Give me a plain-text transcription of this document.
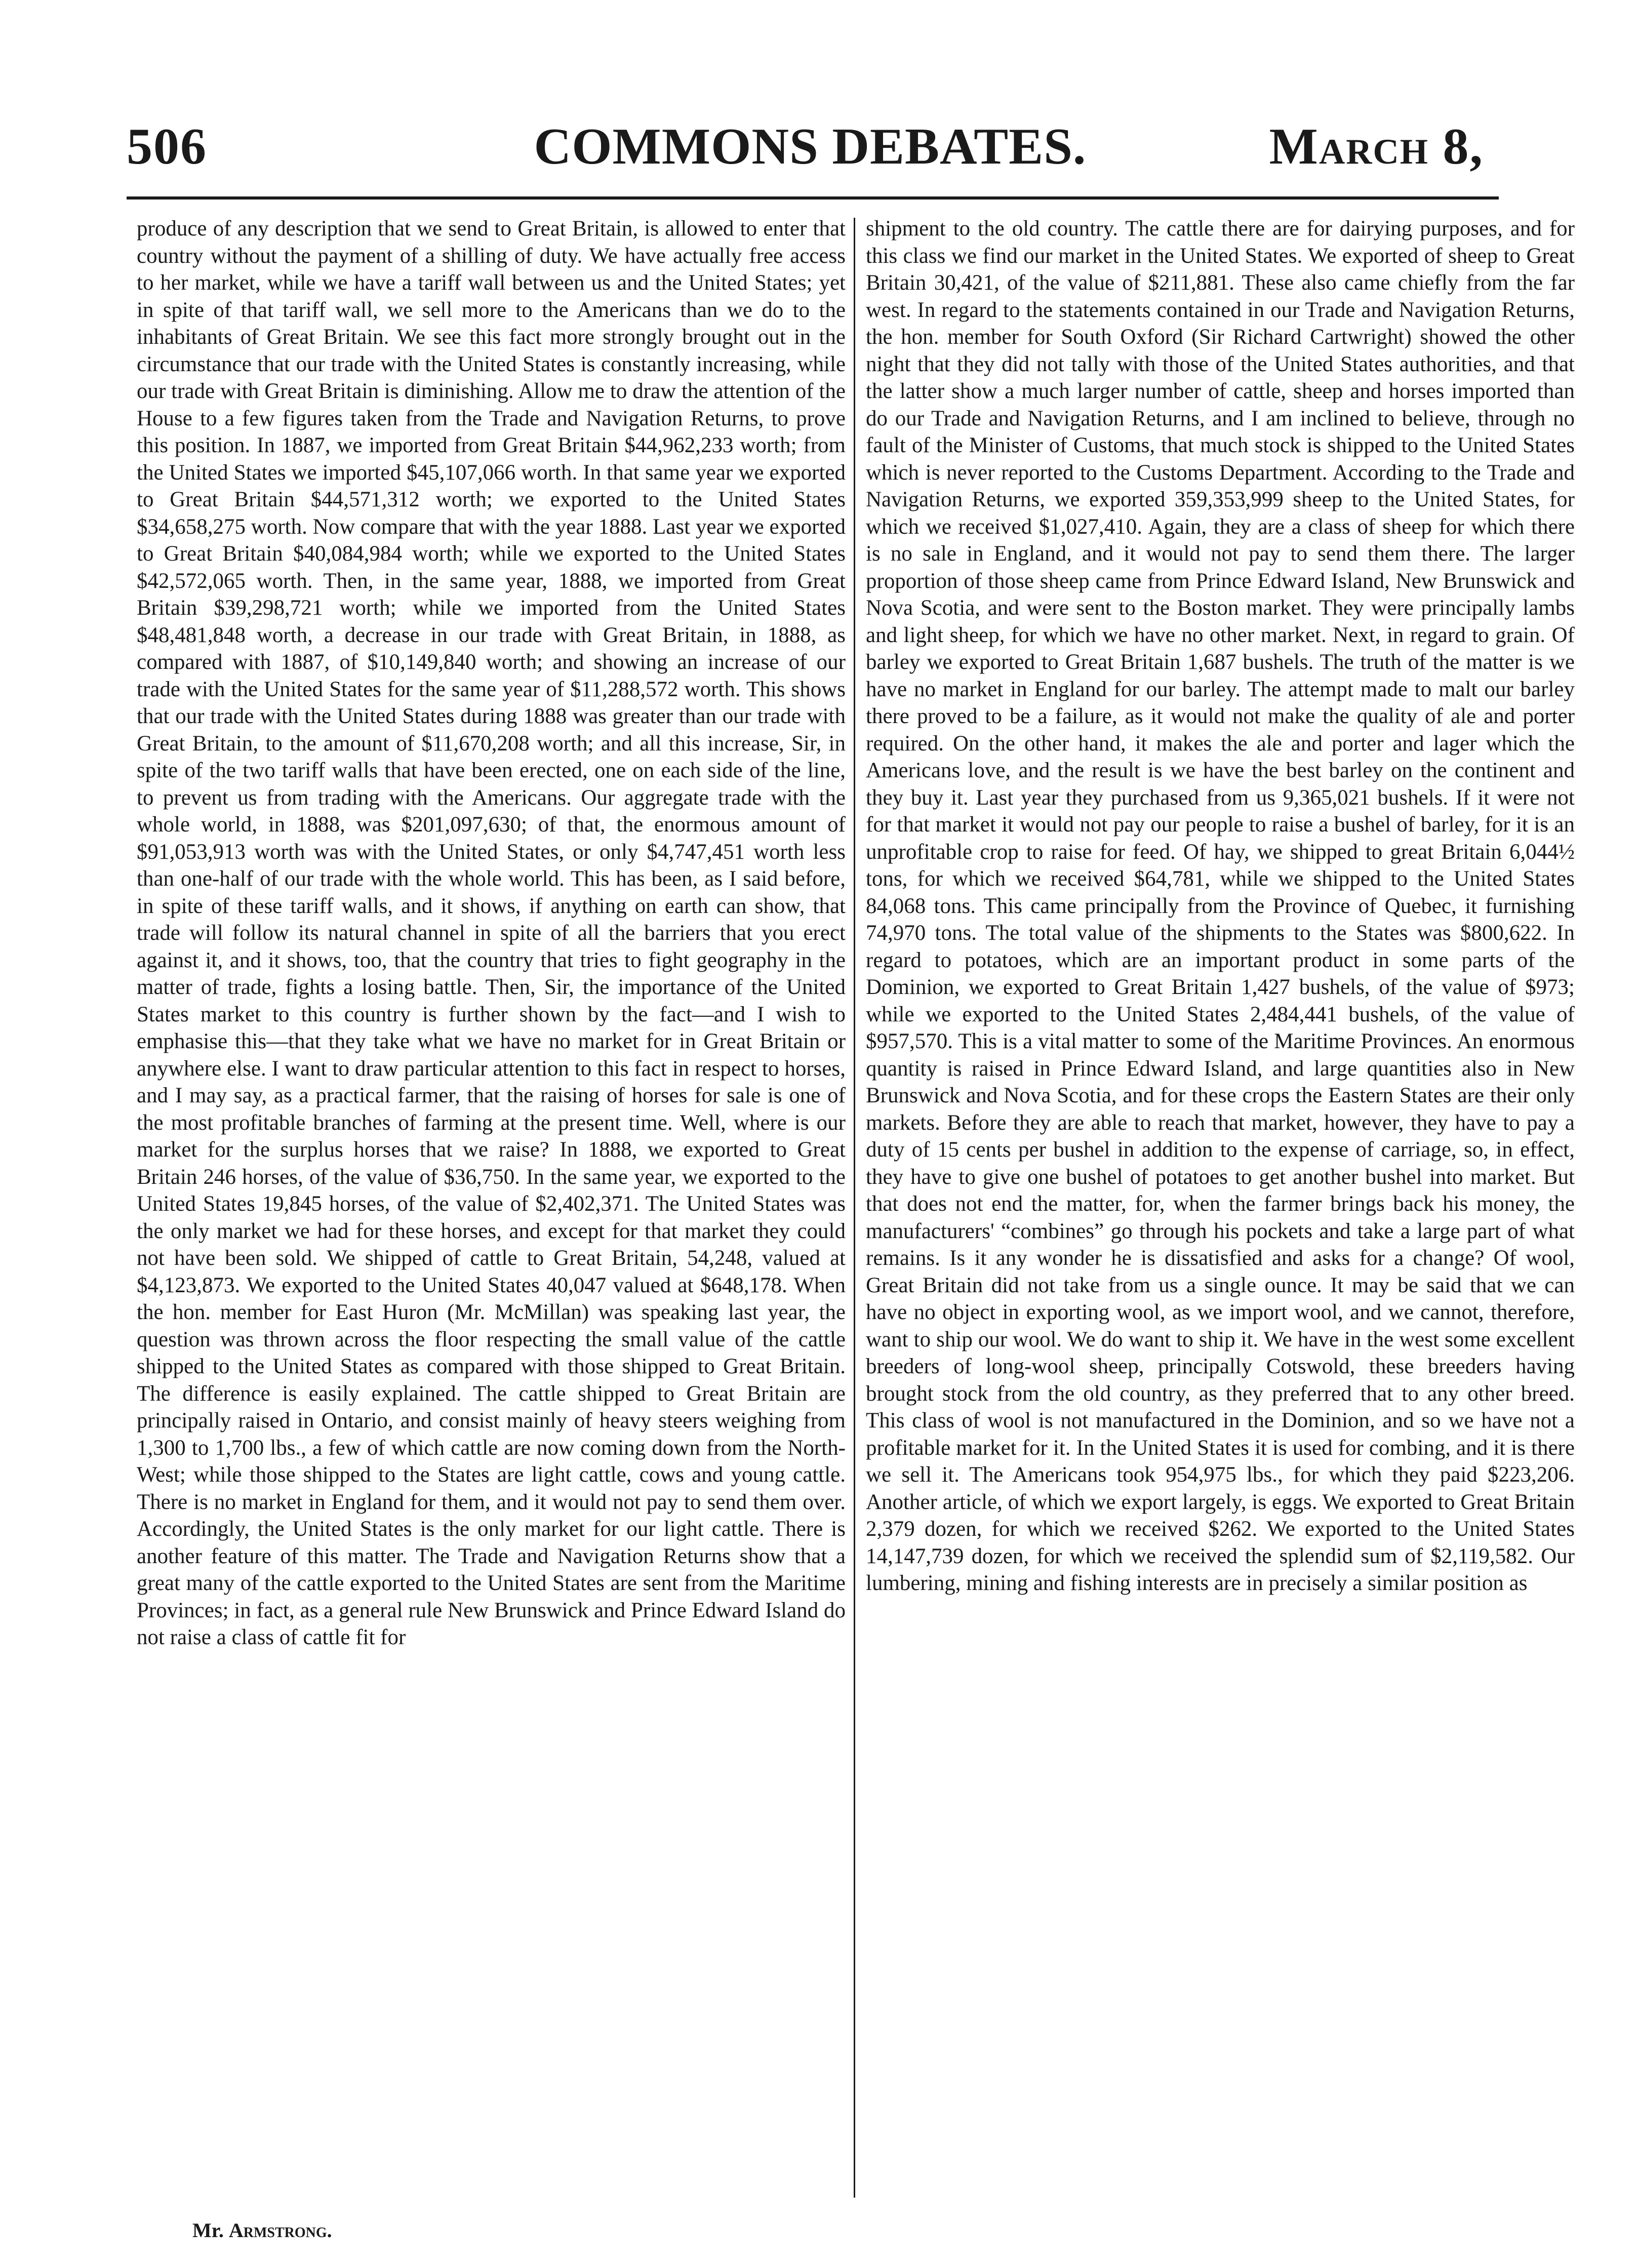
506	COMMONS DEBATES.	March 8,

produce of any description that we send to Great Britain, is allowed to enter that country without the payment of a shilling of duty. We have actually free access to her market, while we have a tariff wall between us and the United States; yet in spite of that tariff wall, we sell more to the Americans than we do to the inhabitants of Great Britain. We see this fact more strongly brought out in the circumstance that our trade with the United States is constantly increasing, while our trade with Great Britain is diminishing. Allow me to draw the attention of the House to a few figures taken from the Trade and Navigation Returns, to prove this position. In 1887, we imported from Great Britain $44,962,233 worth; from the United States we imported $45,107,066 worth. In that same year we exported to Great Britain $44,571,312 worth; we exported to the United States $34,658,275 worth. Now compare that with the year 1888. Last year we exported to Great Britain $40,084,984 worth; while we exported to the United States $42,572,065 worth. Then, in the same year, 1888, we imported from Great Britain $39,298,721 worth; while we imported from the United States $48,481,848 worth, a decrease in our trade with Great Britain, in 1888, as compared with 1887, of $10,149,840 worth; and showing an increase of our trade with the United States for the same year of $11,288,572 worth. This shows that our trade with the United States during 1888 was greater than our trade with Great Britain, to the amount of $11,670,208 worth; and all this increase, Sir, in spite of the two tariff walls that have been erected, one on each side of the line, to prevent us from trading with the Americans. Our aggregate trade with the whole world, in 1888, was $201,097,630; of that, the enormous amount of $91,053,913 worth was with the United States, or only $4,747,451 worth less than one-half of our trade with the whole world. This has been, as I said before, in spite of these tariff walls, and it shows, if anything on earth can show, that trade will follow its natural channel in spite of all the barriers that you erect against it, and it shows, too, that the country that tries to fight geography in the matter of trade, fights a losing battle. Then, Sir, the importance of the United States market to this country is further shown by the fact—and I wish to emphasise this—that they take what we have no market for in Great Britain or anywhere else. I want to draw particular attention to this fact in respect to horses, and I may say, as a practical farmer, that the raising of horses for sale is one of the most profitable branches of farming at the present time. Well, where is our market for the surplus horses that we raise? In 1888, we exported to Great Britain 246 horses, of the value of $36,750. In the same year, we exported to the United States 19,845 horses, of the value of $2,402,371. The United States was the only market we had for these horses, and except for that market they could not have been sold. We shipped of cattle to Great Britain, 54,248, valued at $4,123,873. We exported to the United States 40,047 valued at $648,178. When the hon. member for East Huron (Mr. McMillan) was speaking last year, the question was thrown across the floor respecting the small value of the cattle shipped to the United States as compared with those shipped to Great Britain. The difference is easily explained. The cattle shipped to Great Britain are principally raised in Ontario, and consist mainly of heavy steers weighing from 1,300 to 1,700 lbs., a few of which cattle are now coming down from the North-West; while those shipped to the States are light cattle, cows and young cattle. There is no market in England for them, and it would not pay to send them over. Accordingly, the United States is the only market for our light cattle. There is another feature of this matter. The Trade and Navigation Returns show that a great many of the cattle exported to the United States are sent from the Maritime Provinces; in fact, as a general rule New Brunswick and Prince Edward Island do not raise a class of cattle fit for

shipment to the old country. The cattle there are for dairying purposes, and for this class we find our market in the United States. We exported of sheep to Great Britain 30,421, of the value of $211,881. These also came chiefly from the far west. In regard to the statements contained in our Trade and Navigation Returns, the hon. member for South Oxford (Sir Richard Cartwright) showed the other night that they did not tally with those of the United States authorities, and that the latter show a much larger number of cattle, sheep and horses imported than do our Trade and Navigation Returns, and I am inclined to believe, through no fault of the Minister of Customs, that much stock is shipped to the United States which is never reported to the Customs Department. According to the Trade and Navigation Returns, we exported 359,353,999 sheep to the United States, for which we received $1,027,410. Again, they are a class of sheep for which there is no sale in England, and it would not pay to send them there. The larger proportion of those sheep came from Prince Edward Island, New Brunswick and Nova Scotia, and were sent to the Boston market. They were principally lambs and light sheep, for which we have no other market. Next, in regard to grain. Of barley we exported to Great Britain 1,687 bushels. The truth of the matter is we have no market in England for our barley. The attempt made to malt our barley there proved to be a failure, as it would not make the quality of ale and porter required. On the other hand, it makes the ale and porter and lager which the Americans love, and the result is we have the best barley on the continent and they buy it. Last year they purchased from us 9,365,021 bushels. If it were not for that market it would not pay our people to raise a bushel of barley, for it is an unprofitable crop to raise for feed. Of hay, we shipped to great Britain 6,044½ tons, for which we received $64,781, while we shipped to the United States 84,068 tons. This came principally from the Province of Quebec, it furnishing 74,970 tons. The total value of the shipments to the States was $800,622. In regard to potatoes, which are an important product in some parts of the Dominion, we exported to Great Britain 1,427 bushels, of the value of $973; while we exported to the United States 2,484,441 bushels, of the value of $957,570. This is a vital matter to some of the Maritime Provinces. An enormous quantity is raised in Prince Edward Island, and large quantities also in New Brunswick and Nova Scotia, and for these crops the Eastern States are their only markets. Before they are able to reach that market, however, they have to pay a duty of 15 cents per bushel in addition to the expense of carriage, so, in effect, they have to give one bushel of potatoes to get another bushel into market. But that does not end the matter, for, when the farmer brings back his money, the manufacturers' “combines” go through his pockets and take a large part of what remains. Is it any wonder he is dissatisfied and asks for a change? Of wool, Great Britain did not take from us a single ounce. It may be said that we can have no object in exporting wool, as we import wool, and we cannot, therefore, want to ship our wool. We do want to ship it. We have in the west some excellent breeders of long-wool sheep, principally Cotswold, these breeders having brought stock from the old country, as they preferred that to any other breed. This class of wool is not manufactured in the Dominion, and so we have not a profitable market for it. In the United States it is used for combing, and it is there we sell it. The Americans took 954,975 lbs., for which they paid $223,206. Another article, of which we export largely, is eggs. We exported to Great Britain 2,379 dozen, for which we received $262. We exported to the United States 14,147,739 dozen, for which we received the splendid sum of $2,119,582. Our lumbering, mining and fishing interests are in precisely a similar position as

Mr. Armstrong.
